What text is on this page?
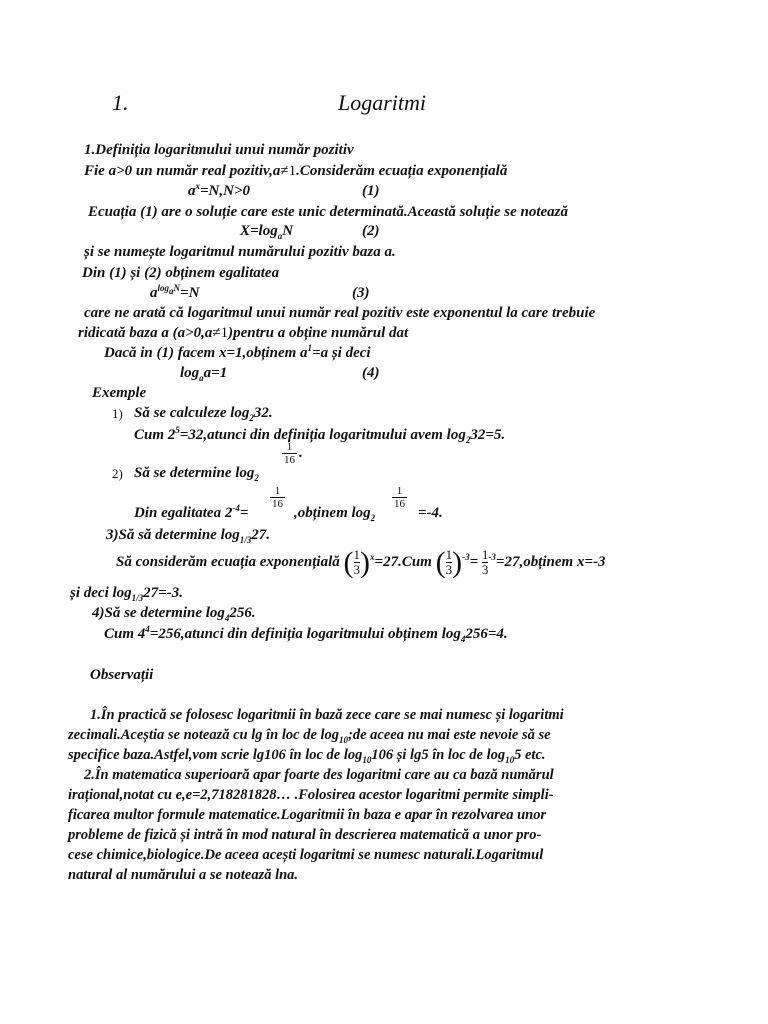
1.	Logaritmi
1.Definiția logaritmului unui număr pozitiv
Fie a>0 un număr real pozitiv,a≠1.Considerăm ecuația exponențială
$a^x=N,N>0$	(1)
Ecuația (1) are o soluție care este unic determinată.Această soluție se notează
$X=\log_aN$	(2)
și se numește logaritmul numărului pozitiv baza a.
Din (1) și (2) obținem egalitatea
$a^{log_aN}=N$	(3)
care ne arată că logaritmul unui număr real pozitiv este exponentul la care trebuie
ridicată baza a (a>0,a≠1)pentru a obține numărul dat
Dacă in (1) facem x=1,obținem $a^1=a$ și deci
$\log_aa=1$	(4)
Exemple
1) Să se calculeze $\log_232$.
Cum $2^5=32,atunci$ din definiția logaritmului avem $\log_232=5$.
2) Să se determine $\log_2$
$\frac{1}{16}$ .
Din egalitatea $2^{-4}=$
$\frac{1}{16}$
,obținem $\log_2$
$\frac{1}{16}$
=-4.
3)Să să determine $\log_{1/3}27$.
Să considerăm ecuația exponențială ( $\frac{1}{3} )^x=27.Cum$ ( $\frac{1}{3} )^{-3}= \frac{1}{3}$ $^{-3}$=27,obținem x=-3
și deci $\log_{1/3}27=-3$.
4)Să se determine $\log_4256$.
Cum $4^4=256,atunci$ din definiția logaritmului obținem $\log_4256=4$.
Observații
1.În practică se folosesc logaritmii în bază zece care se mai numesc și logaritmi
zecimali.Aceștia se notează cu lg în loc de $\log_{10};de$ aceea nu mai este nevoie să se
specifice baza.Astfel,vom scrie lg106 în loc de $\log_{10}106$ și lg5 în loc de $\log_{10}5$ etc.
2.În matematica superioară apar foarte des logaritmi care au ca bază numărul
irațional,notat cu e,e=2,718281828… .Folosirea acestor logaritmi permite simpli-
ficarea multor formule matematice.Logaritmii în baza e apar în rezolvarea unor
probleme de fizică și intră în mod natural în descrierea matematică a unor pro-
cese chimice,biologice.De aceea acești logaritmi se numesc naturali.Logaritmul
natural al numărului a se notează lna.
